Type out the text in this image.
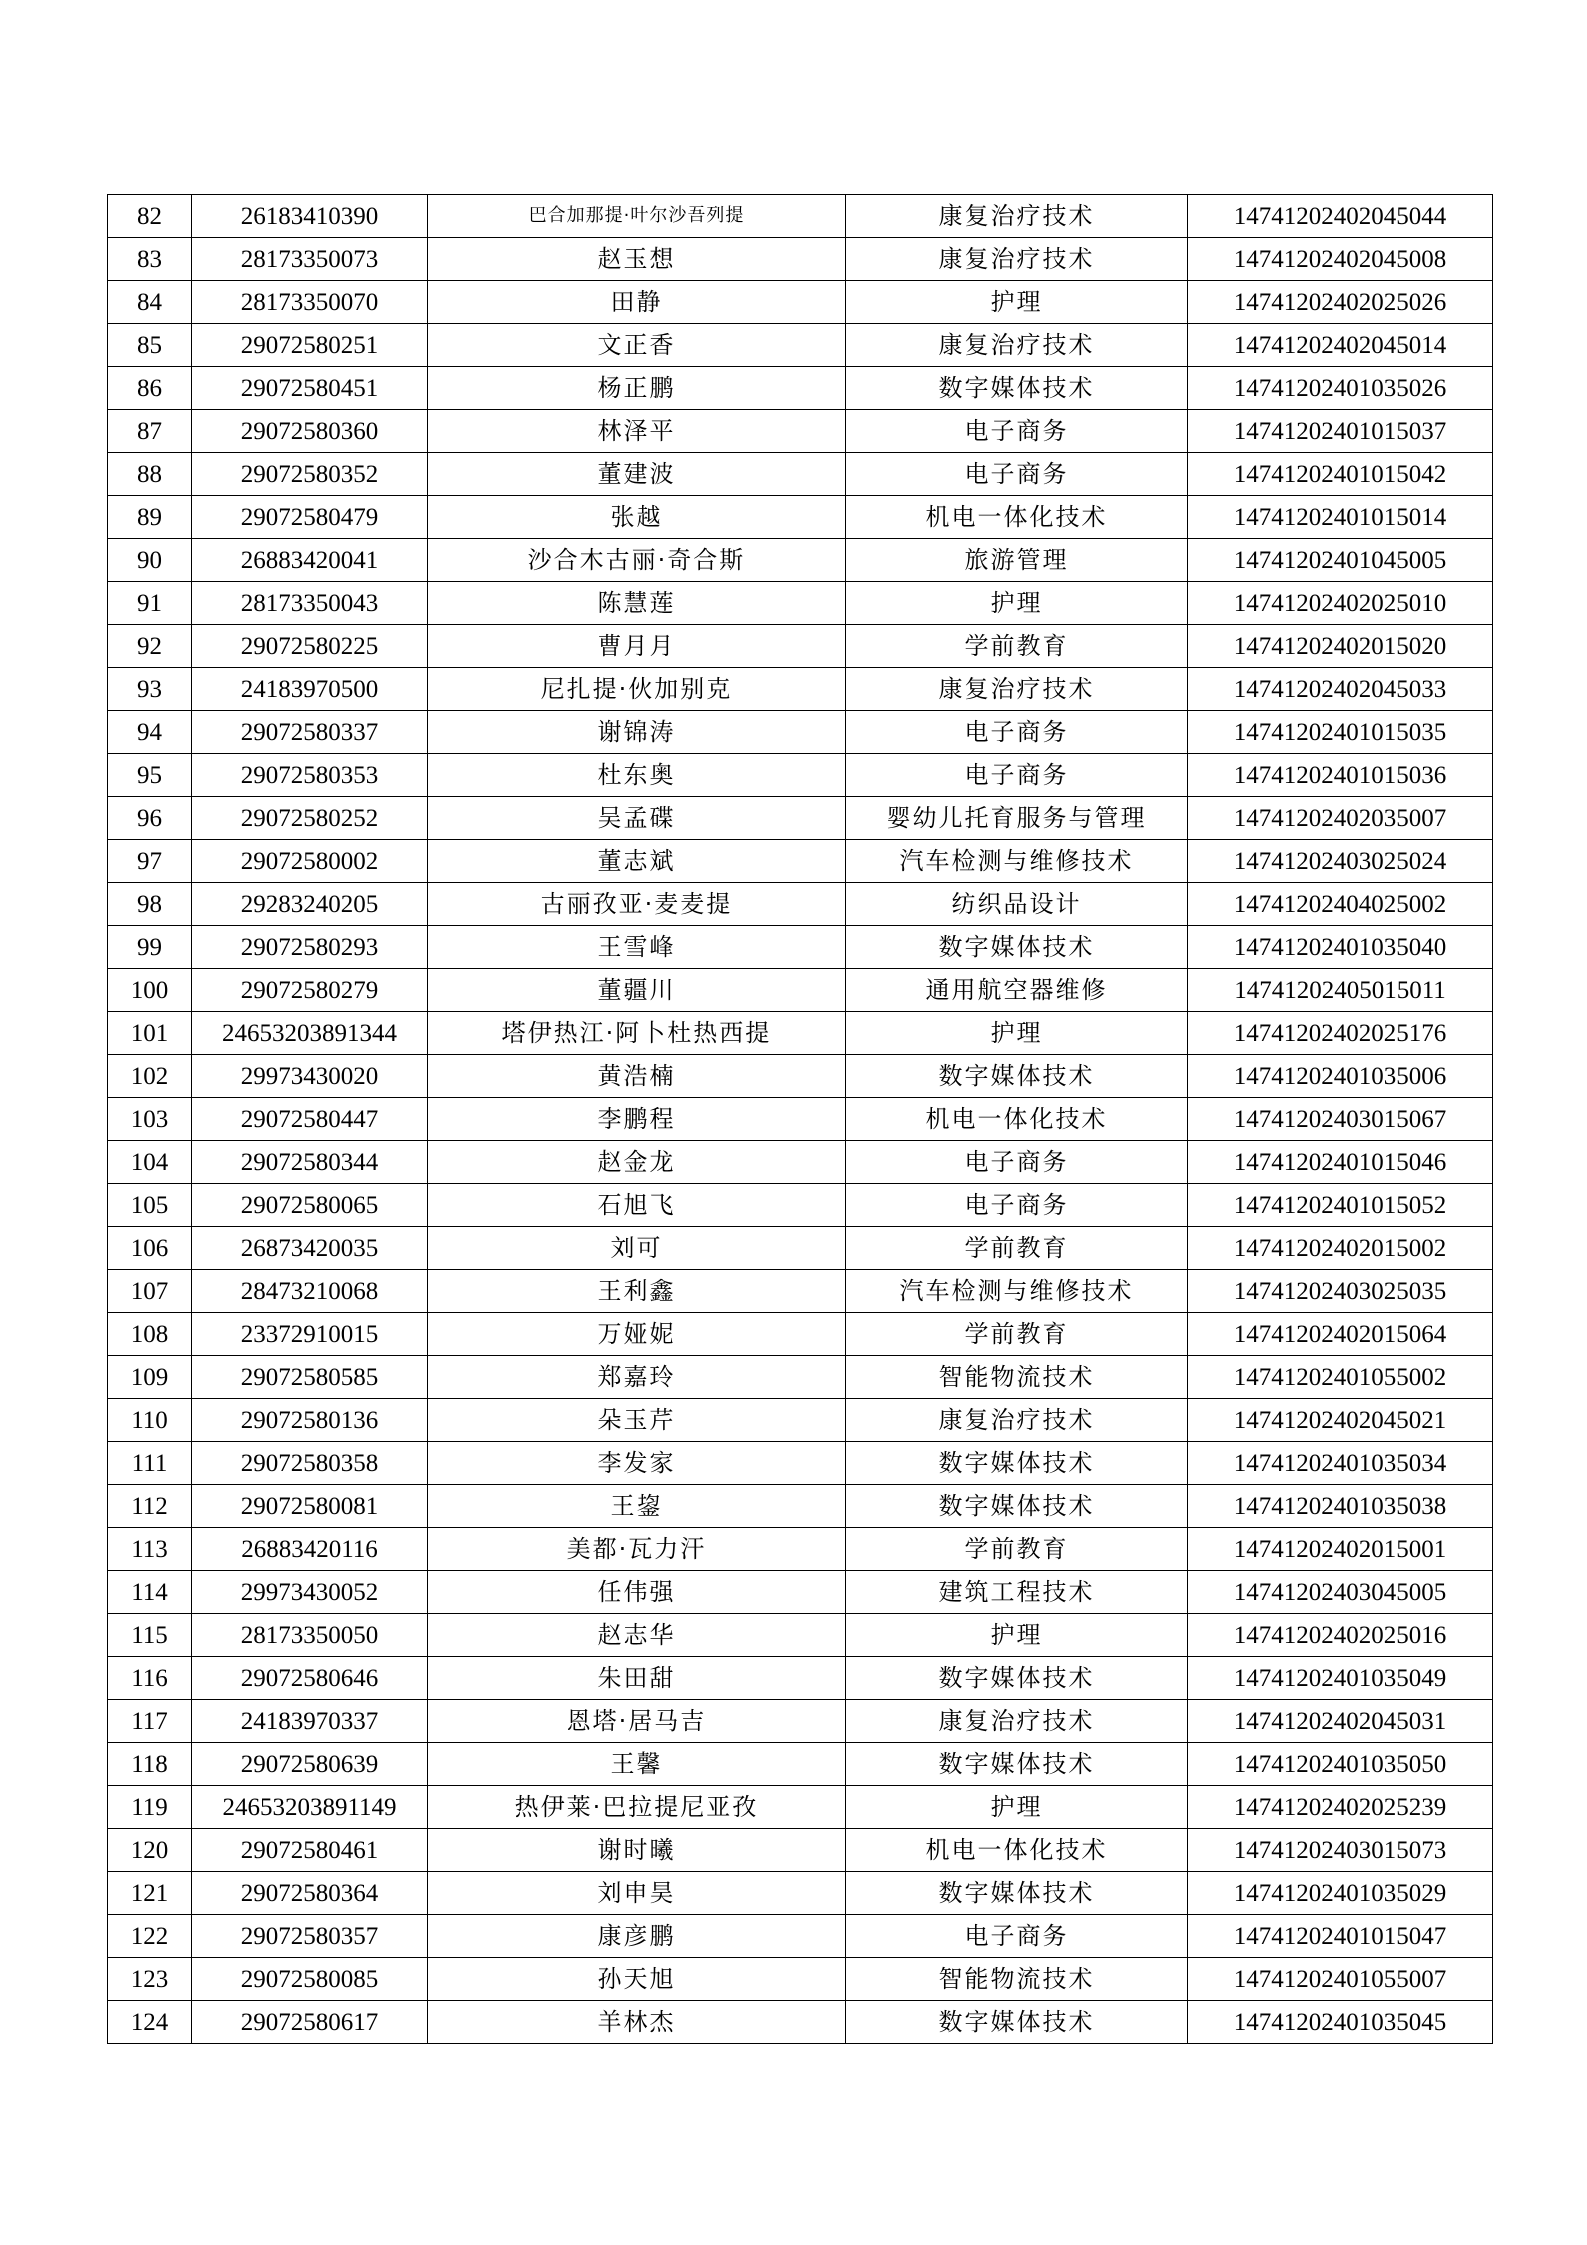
82	26183410390	巴合加那提·叶尔沙吾列提	康复治疗技术	14741202402045044
83	28173350073	赵玉想	康复治疗技术	14741202402045008
84	28173350070	田静	护理	14741202402025026
85	29072580251	文正香	康复治疗技术	14741202402045014
86	29072580451	杨正鹏	数字媒体技术	14741202401035026
87	29072580360	林泽平	电子商务	14741202401015037
88	29072580352	董建波	电子商务	14741202401015042
89	29072580479	张越	机电一体化技术	14741202401015014
90	26883420041	沙合木古丽·奇合斯	旅游管理	14741202401045005
91	28173350043	陈慧莲	护理	14741202402025010
92	29072580225	曹月月	学前教育	14741202402015020
93	24183970500	尼扎提·伙加别克	康复治疗技术	14741202402045033
94	29072580337	谢锦涛	电子商务	14741202401015035
95	29072580353	杜东奥	电子商务	14741202401015036
96	29072580252	吴孟碟	婴幼儿托育服务与管理	14741202402035007
97	29072580002	董志斌	汽车检测与维修技术	14741202403025024
98	29283240205	古丽孜亚·麦麦提	纺织品设计	14741202404025002
99	29072580293	王雪峰	数字媒体技术	14741202401035040
100	29072580279	董疆川	通用航空器维修	14741202405015011
101	24653203891344	塔伊热江·阿卜杜热西提	护理	14741202402025176
102	29973430020	黄浩楠	数字媒体技术	14741202401035006
103	29072580447	李鹏程	机电一体化技术	14741202403015067
104	29072580344	赵金龙	电子商务	14741202401015046
105	29072580065	石旭飞	电子商务	14741202401015052
106	26873420035	刘可	学前教育	14741202402015002
107	28473210068	王利鑫	汽车检测与维修技术	14741202403025035
108	23372910015	万娅妮	学前教育	14741202402015064
109	29072580585	郑嘉玲	智能物流技术	14741202401055002
110	29072580136	朵玉芹	康复治疗技术	14741202402045021
111	29072580358	李发家	数字媒体技术	14741202401035034
112	29072580081	王鋆	数字媒体技术	14741202401035038
113	26883420116	美都·瓦力汗	学前教育	14741202402015001
114	29973430052	任伟强	建筑工程技术	14741202403045005
115	28173350050	赵志华	护理	14741202402025016
116	29072580646	朱田甜	数字媒体技术	14741202401035049
117	24183970337	恩塔·居马吉	康复治疗技术	14741202402045031
118	29072580639	王馨	数字媒体技术	14741202401035050
119	24653203891149	热伊莱·巴拉提尼亚孜	护理	14741202402025239
120	29072580461	谢时曦	机电一体化技术	14741202403015073
121	29072580364	刘申昊	数字媒体技术	14741202401035029
122	29072580357	康彦鹏	电子商务	14741202401015047
123	29072580085	孙天旭	智能物流技术	14741202401055007
124	29072580617	羊林杰	数字媒体技术	14741202401035045
